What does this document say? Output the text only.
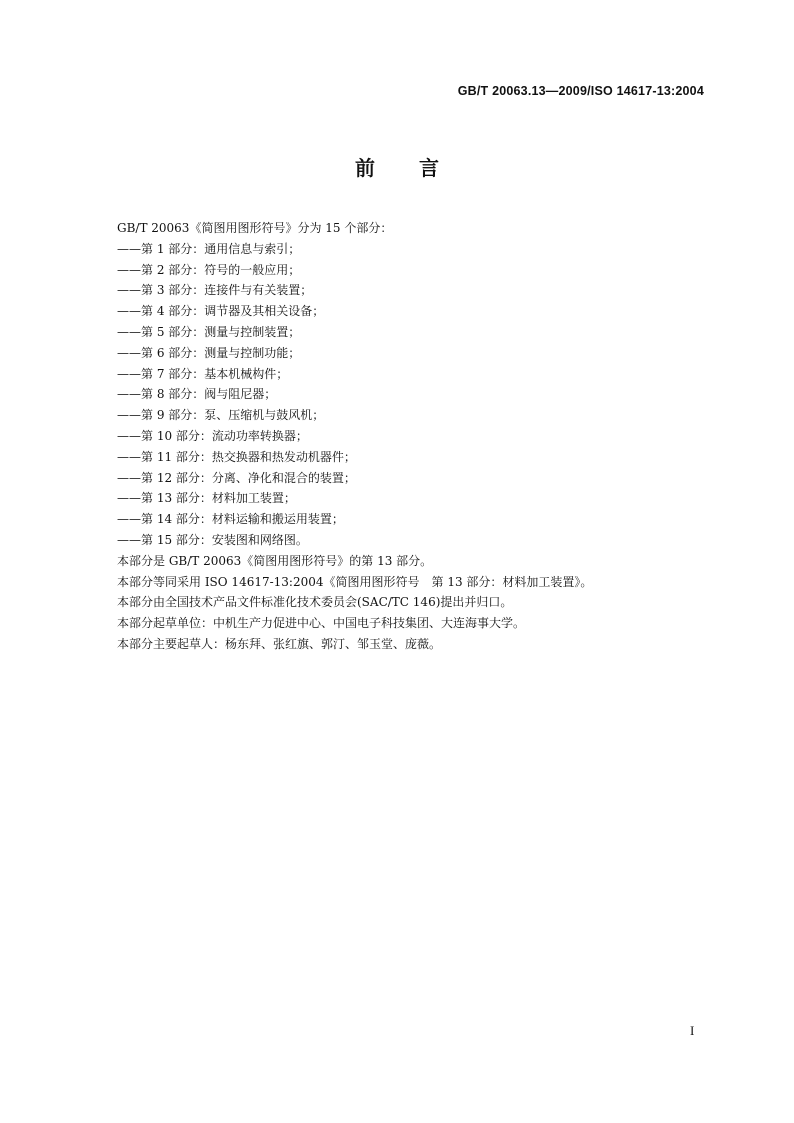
GB/T 20063.13—2009/ISO 14617-13:2004
前言
GB/T 20063《简图用图形符号》分为 15 个部分：
——第 1 部分：通用信息与索引；
——第 2 部分：符号的一般应用；
——第 3 部分：连接件与有关装置；
——第 4 部分：调节器及其相关设备；
——第 5 部分：测量与控制装置；
——第 6 部分：测量与控制功能；
——第 7 部分：基本机械构件；
——第 8 部分：阀与阻尼器；
——第 9 部分：泵、压缩机与鼓风机；
——第 10 部分：流动功率转换器；
——第 11 部分：热交换器和热发动机器件；
——第 12 部分：分离、净化和混合的装置；
——第 13 部分：材料加工装置；
——第 14 部分：材料运输和搬运用装置；
——第 15 部分：安装图和网络图。
本部分是 GB/T 20063《简图用图形符号》的第 13 部分。
本部分等同采用 ISO 14617-13:2004《简图用图形符号　第 13 部分：材料加工装置》。
本部分由全国技术产品文件标准化技术委员会(SAC/TC 146)提出并归口。
本部分起草单位：中机生产力促进中心、中国电子科技集团、大连海事大学。
本部分主要起草人：杨东拜、张红旗、郭汀、邹玉堂、庞薇。
I
